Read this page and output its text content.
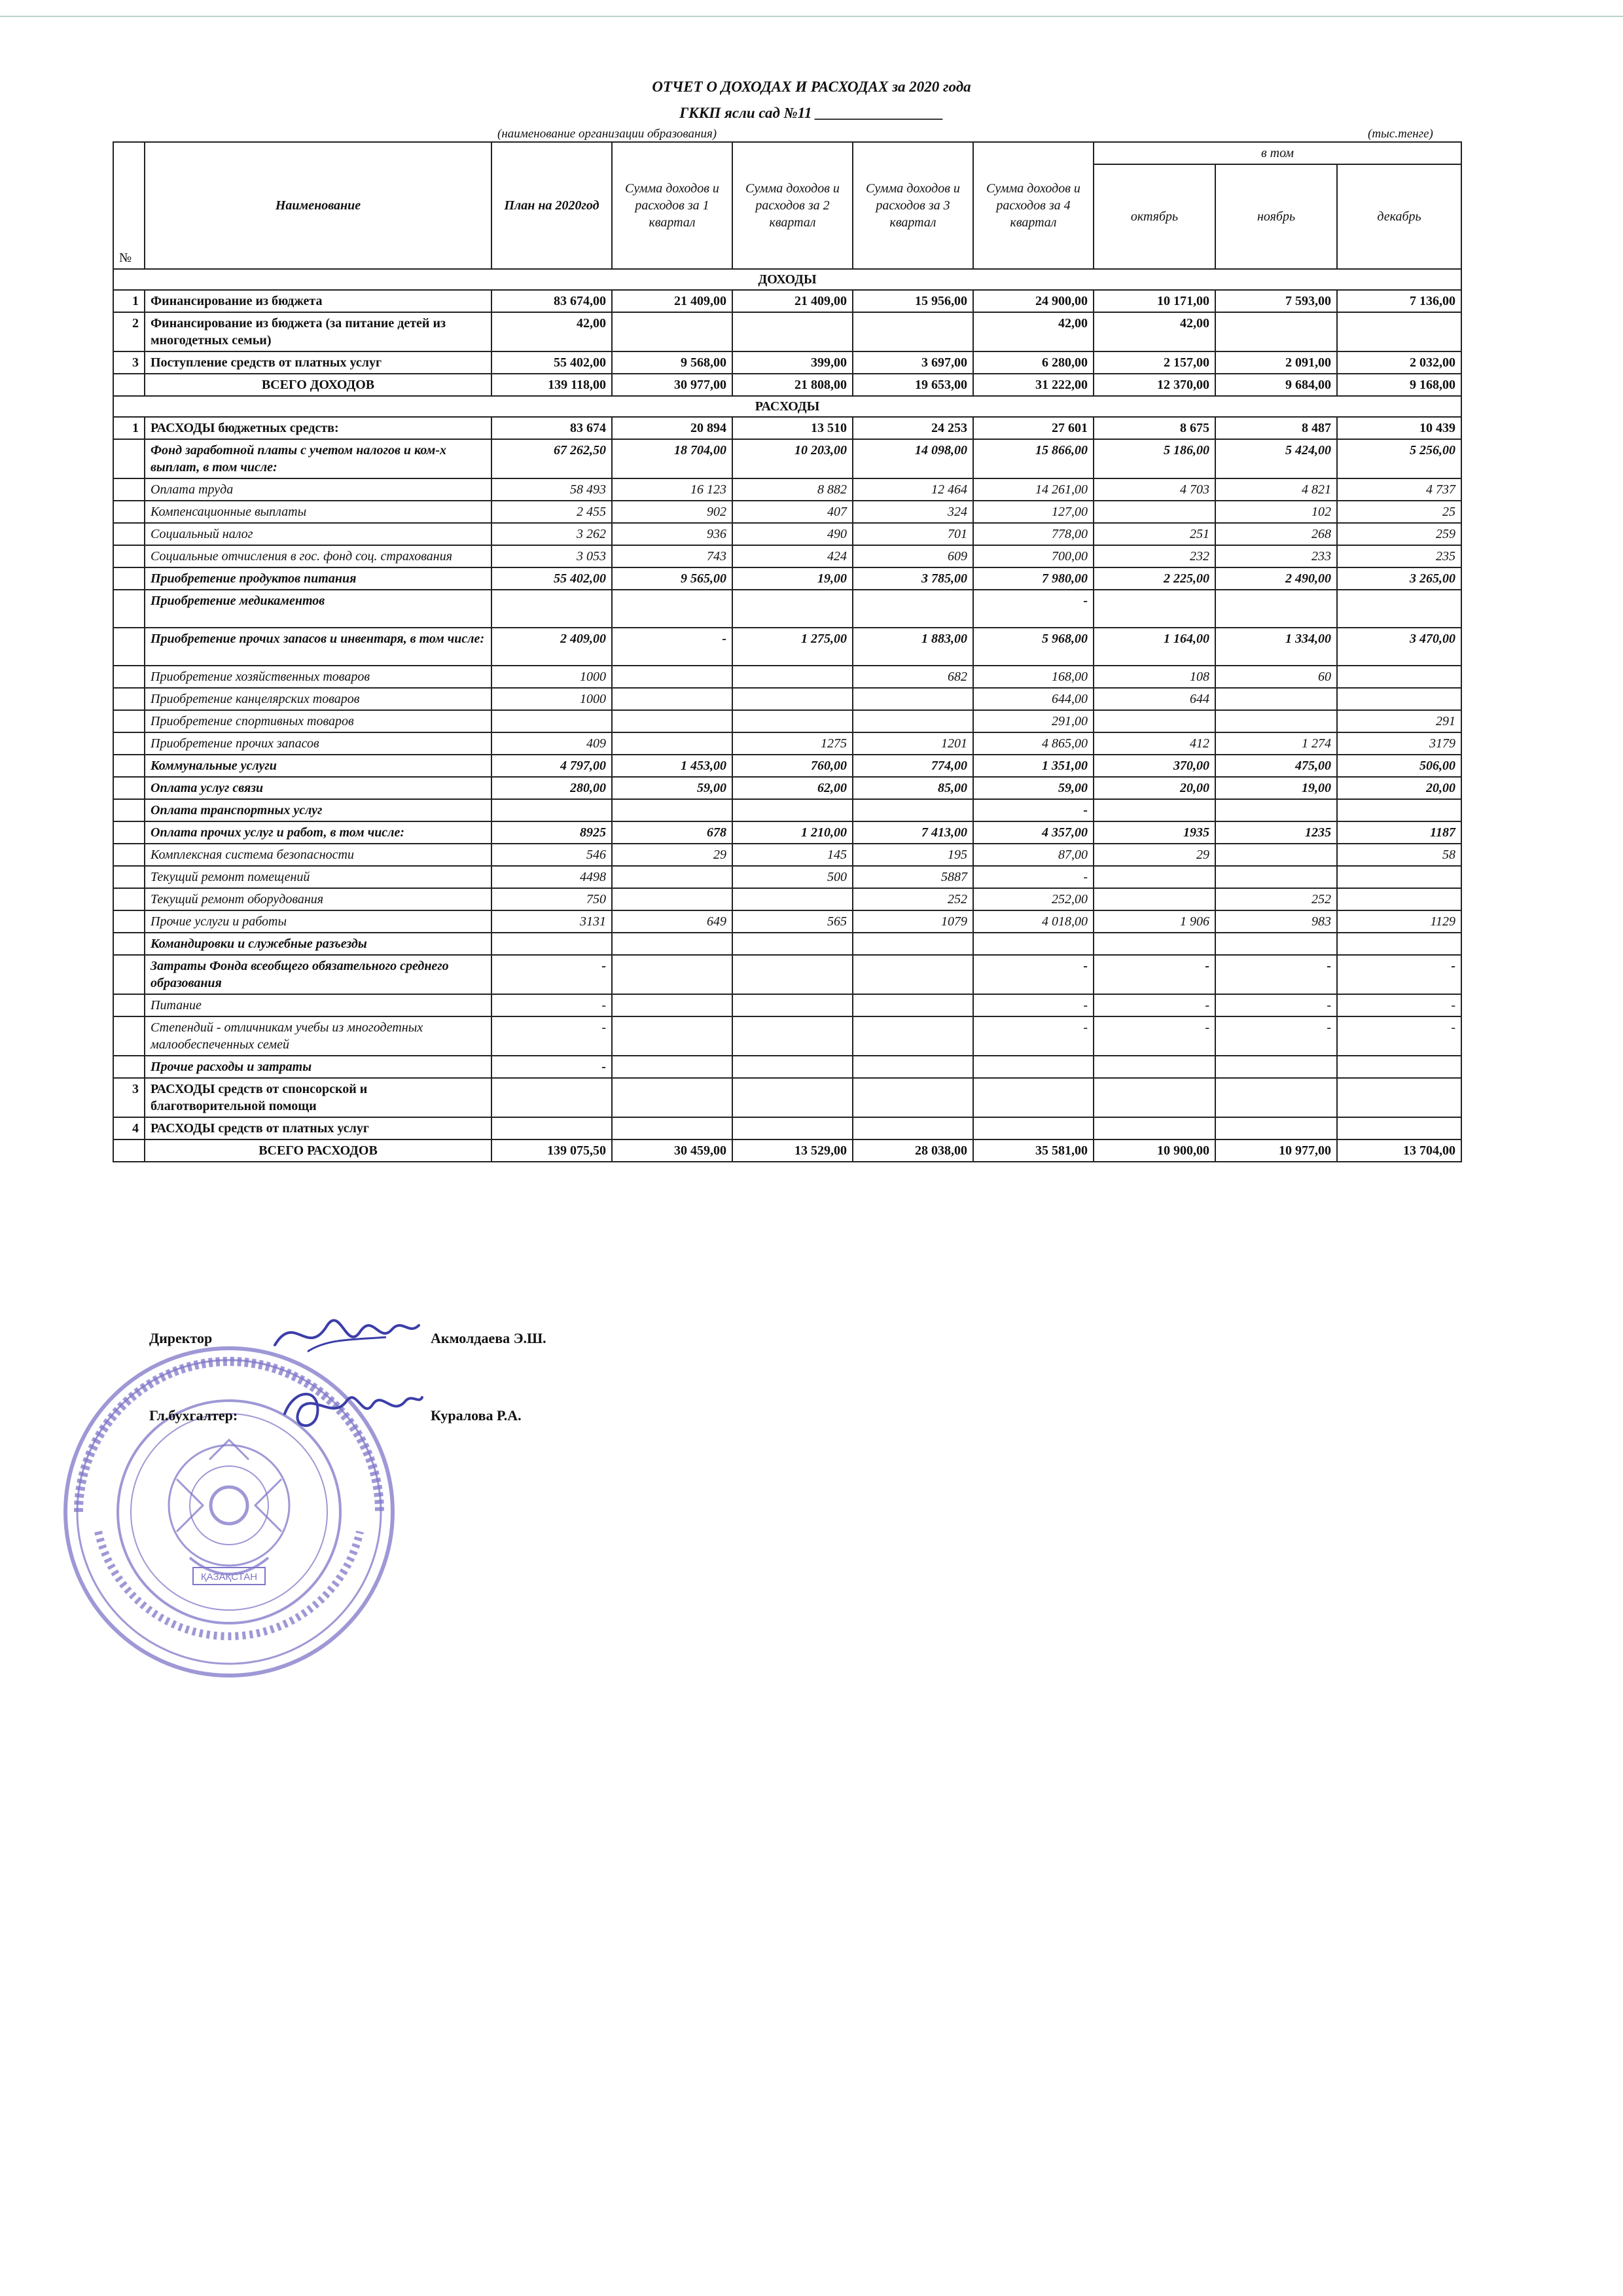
ОТЧЕТ О ДОХОДАХ И РАСХОДАХ за 2020 года
ГККП ясли сад №11 _________________
(наименование организации образования)	(тыс.тенге)
№	Наименование	План на 2020год	Сумма доходов и расходов за 1 квартал	Сумма доходов и расходов за 2 квартал	Сумма доходов и расходов за 3 квартал	Сумма доходов и расходов за 4 квартал	в том		
							октябрь	ноябрь	декабрь
ДОХОДЫ									
1	Финансирование из бюджета	83 674,00	21 409,00	21 409,00	15 956,00	24 900,00	10 171,00	7 593,00	7 136,00
2	Финансирование из бюджета (за питание детей из многодетных семьи)	42,00				42,00	42,00		
3	Поступление средств от платных услуг	55 402,00	9 568,00	399,00	3 697,00	6 280,00	2 157,00	2 091,00	2 032,00
	ВСЕГО ДОХОДОВ	139 118,00	30 977,00	21 808,00	19 653,00	31 222,00	12 370,00	9 684,00	9 168,00
РАСХОДЫ									
1	РАСХОДЫ бюджетных средств:	83 674	20 894	13 510	24 253	27 601	8 675	8 487	10 439
	Фонд заработной платы с учетом налогов и ком-х выплат, в том числе:	67 262,50	18 704,00	10 203,00	14 098,00	15 866,00	5 186,00	5 424,00	5 256,00
	Оплата труда	58 493	16 123	8 882	12 464	14 261,00	4 703	4 821	4 737
	Компенсационные выплаты	2 455	902	407	324	127,00		102	25
	Социальный налог	3 262	936	490	701	778,00	251	268	259
	Социальные отчисления в гос. фонд соц. страхования	3 053	743	424	609	700,00	232	233	235
	Приобретение продуктов питания	55 402,00	9 565,00	19,00	3 785,00	7 980,00	2 225,00	2 490,00	3 265,00
	Приобретение медикаментов					-			
	Приобретение прочих запасов и инвентаря, в том числе:	2 409,00	-	1 275,00	1 883,00	5 968,00	1 164,00	1 334,00	3 470,00
	Приобретение хозяйственных товаров	1000			682	168,00	108	60	
	Приобретение канцелярских товаров	1000				644,00	644		
	Приобретение спортивных товаров					291,00			291
	Приобретение прочих запасов	409		1275	1201	4 865,00	412	1 274	3179
	Коммунальные услуги	4 797,00	1 453,00	760,00	774,00	1 351,00	370,00	475,00	506,00
	Оплата услуг связи	280,00	59,00	62,00	85,00	59,00	20,00	19,00	20,00
	Оплата транспортных услуг					-			
	Оплата прочих услуг и работ, в том числе:	8925	678	1 210,00	7 413,00	4 357,00	1935	1235	1187
	Комплексная система безопасности	546	29	145	195	87,00	29		58
	Текущий ремонт помещений	4498		500	5887	-			
	Текущий ремонт оборудования	750			252	252,00		252	
	Прочие услуги и работы	3131	649	565	1079	4 018,00	1 906	983	1129
	Командировки и служебные разъезды								
	Затраты Фонда всеобщего обязательного среднего образования	-				-	-	-	-
	Питание	-				-	-	-	-
	Степендий - отличникам учебы из многодетных малообеспеченных семей	-				-	-	-	-
	Прочие расходы и затраты	-							
3	РАСХОДЫ средств от спонсорской и благотворительной помощи								
4	РАСХОДЫ средств от платных услуг								
	ВСЕГО РАСХОДОВ	139 075,50	30 459,00	13 529,00	28 038,00	35 581,00	10 900,00	10 977,00	13 704,00
ҚАЗАҚСТАН
Директор	Акмолдаева Э.Ш.
Гл.бухгалтер:	Куралова Р.А.
